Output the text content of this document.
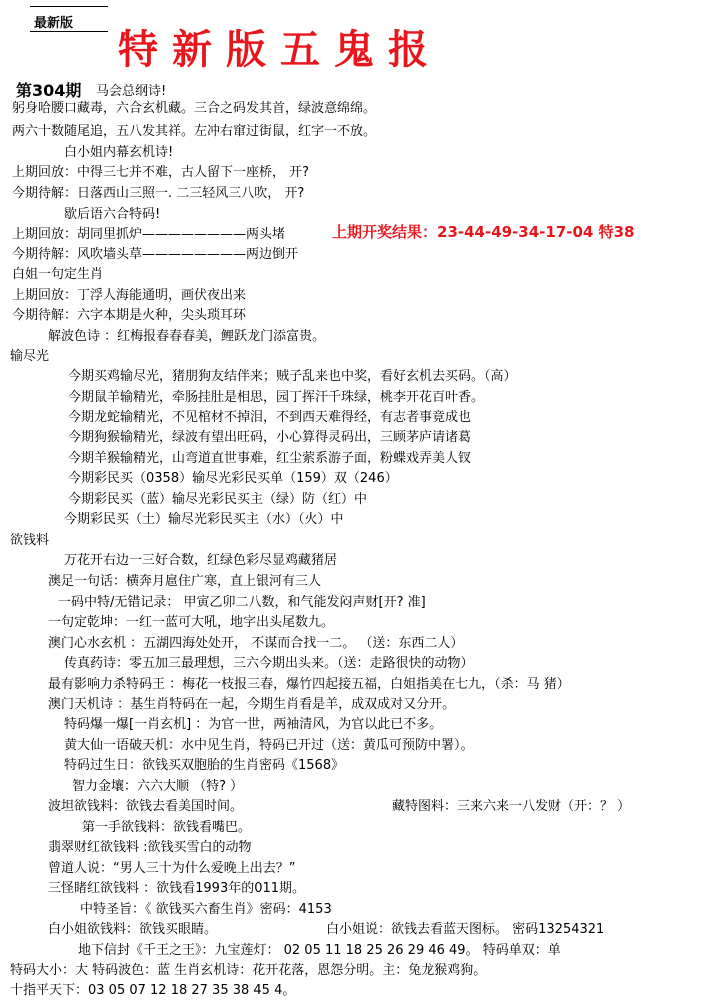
最新版
特新版五鬼报
第304期 马会总纲诗!
躬身哈腰口藏毒，六合玄机藏。三合之码发其首，绿波意绵绵。
两六十数随尾追，五八发其祥。左冲右窜过街鼠，红字一不放。
白小姐内幕玄机诗!
上期回放：中得三七并不难，古人留下一座桥， 开?
今期待解：日落西山三照一. 二三轻风三八吹， 开?
歇后语六合特码!
上期回放：胡同里抓炉————————两头堵
今期待解：风吹墙头草————————两边倒开
白姐一句定生肖
上期回放：丁浮人海能通明，画伏夜出来
今期待解：六字本期是火种，尖头琐耳环
解波色诗 ：红梅报春春春美，鲤跃龙门添富贵。
输尽光
上期开奖结果：23-44-49-34-17-04 特38
今期买鸡输尽光，猪朋狗友结伴来；贼子乱来也中奖，看好玄机去买码。（高）
今期鼠羊输精光，牵肠挂肚是相思，园丁挥汗千珠绿，桃李开花百叶香。
今期龙蛇输精光，不见棺材不掉泪，不到西天难得经，有志者事竟成也
今期狗猴输精光，绿波有望出旺码，小心算得灵码出，三顾茅庐请诸葛
今期羊猴输精光，山弯道直世事难，红尘萦系游子面，粉蝶戏弄美人钗
今期彩民买（0358）输尽光彩民买单（159）双（246）
今期彩民买（蓝）输尽光彩民买主（绿）防（红）中
今期彩民买（土）输尽光彩民买主（水）（火）中
欲钱料
万花开右边一三好合数，红绿色彩尽显鸡藏猪居
澳足一句话：横奔月扈住广寒，直上银河有三人
一码中特/无错记录： 甲寅乙卯二八数，和气能发闷声财[开? 准]
一句定乾坤：一红一蓝可大吼，地字出头尾数九。
澳门心水玄机 ：五湖四海处处开， 不谋而合找一二。 （送：东西二人）
传真药诗：零五加三最理想，三六今期出头来。（送：走路很快的动物）
最有影响力杀特码王 ：梅花一枝报三春，爆竹四起接五福，白姐指美在七九，（杀：马 猪）
澳门天机诗 ：基生肖特码在一起，今期生肖看是羊，成双成对又分开。
特码爆一爆[一肖玄机] ：为官一世，两袖清风，为官以此已不多。
黄大仙一语破天机：水中见生肖，特码已开过（送：黄瓜可预防中署）。
特码过生日：欲钱买双胞胎的生肖密码《1568》
智力金壤：六六大顺 （特? ）
波坦欲钱料：欲钱去看美国时间。	藏特图料：三来六来一八发财（开：？ ）
第一手欲钱料：欲钱看嘴巴。
翡翠财红欲钱料 :欲钱买雪白的动物
曾道人说：“男人三十为什么爱晚上出去？”
三怪睹红欲钱料 ：欲钱看1993年的011期。
中特圣旨：《 欲钱买六畜生肖》密码：4153
白小姐欲钱料：欲钱买眼睛。	白小姐说：欲钱去看蓝天图标。 密码13254321
地下信封《千王之王》：九宝莲灯： 02 05 11 18 25 26 29 46 49。 特码单双：单
特码大小：大 特码波色：蓝 生肖玄机诗：花开花落，恩怨分明。主：兔龙猴鸡狗。
十指平天下：03 05 07 12 18 27 35 38 45 4。
